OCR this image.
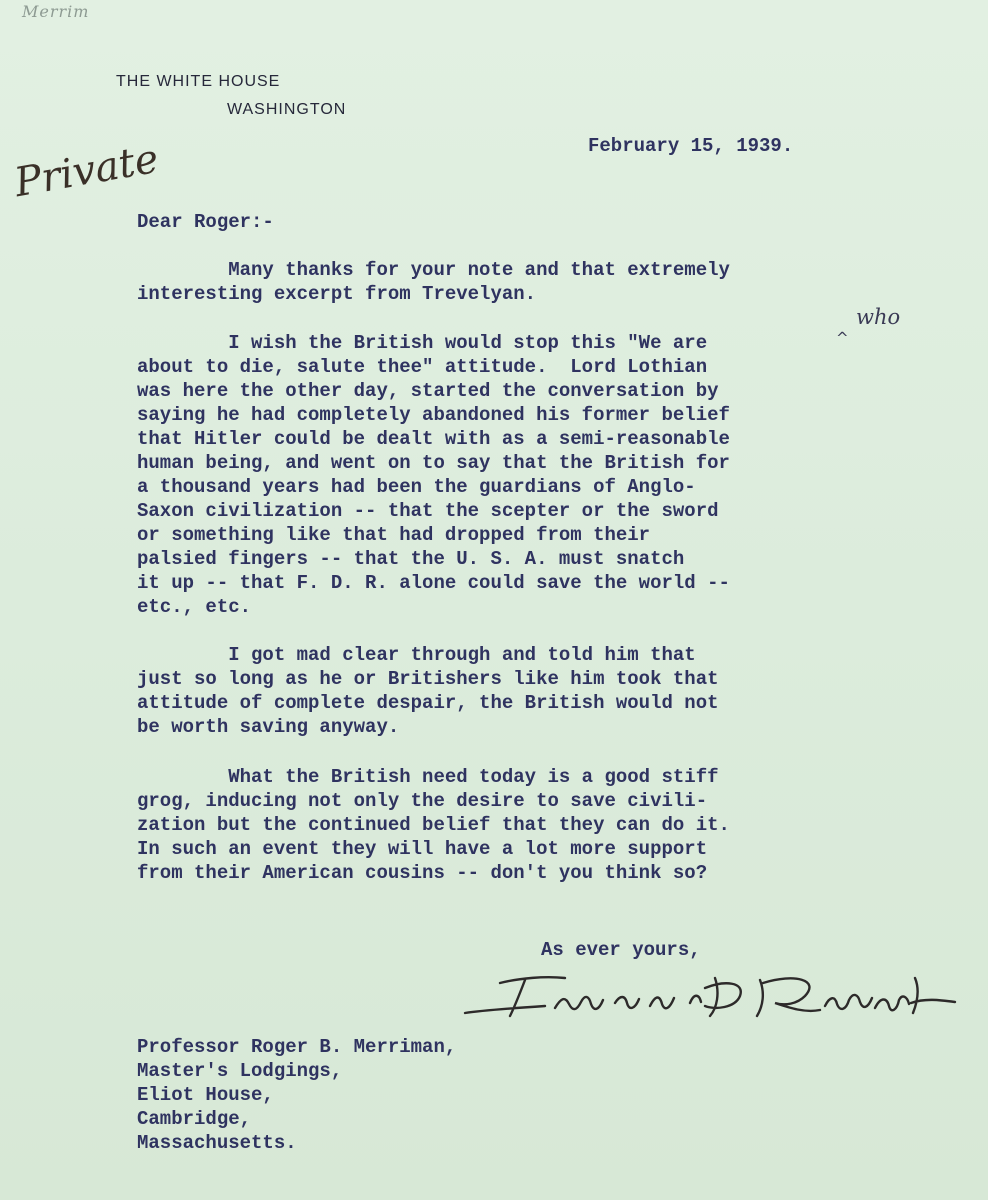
Merrim
THE WHITE HOUSE
WASHINGTON
Private	February 15, 1939.
Dear Roger:-
Many thanks for your note and that extremely
interesting excerpt from Trevelyan.
who
^
I wish the British would stop this "We are
about to die, salute thee" attitude.  Lord Lothian
was here the other day, started the conversation by
saying he had completely abandoned his former belief
that Hitler could be dealt with as a semi-reasonable
human being, and went on to say that the British for
a thousand years had been the guardians of Anglo-
Saxon civilization -- that the scepter or the sword
or something like that had dropped from their
palsied fingers -- that the U. S. A. must snatch
it up -- that F. D. R. alone could save the world --
etc., etc.
I got mad clear through and told him that
just so long as he or Britishers like him took that
attitude of complete despair, the British would not
be worth saving anyway.
What the British need today is a good stiff
grog, inducing not only the desire to save civili-
zation but the continued belief that they can do it.
In such an event they will have a lot more support
from their American cousins -- don't you think so?
As ever yours,
Professor Roger B. Merriman,
Master's Lodgings,
Eliot House,
Cambridge,
Massachusetts.
